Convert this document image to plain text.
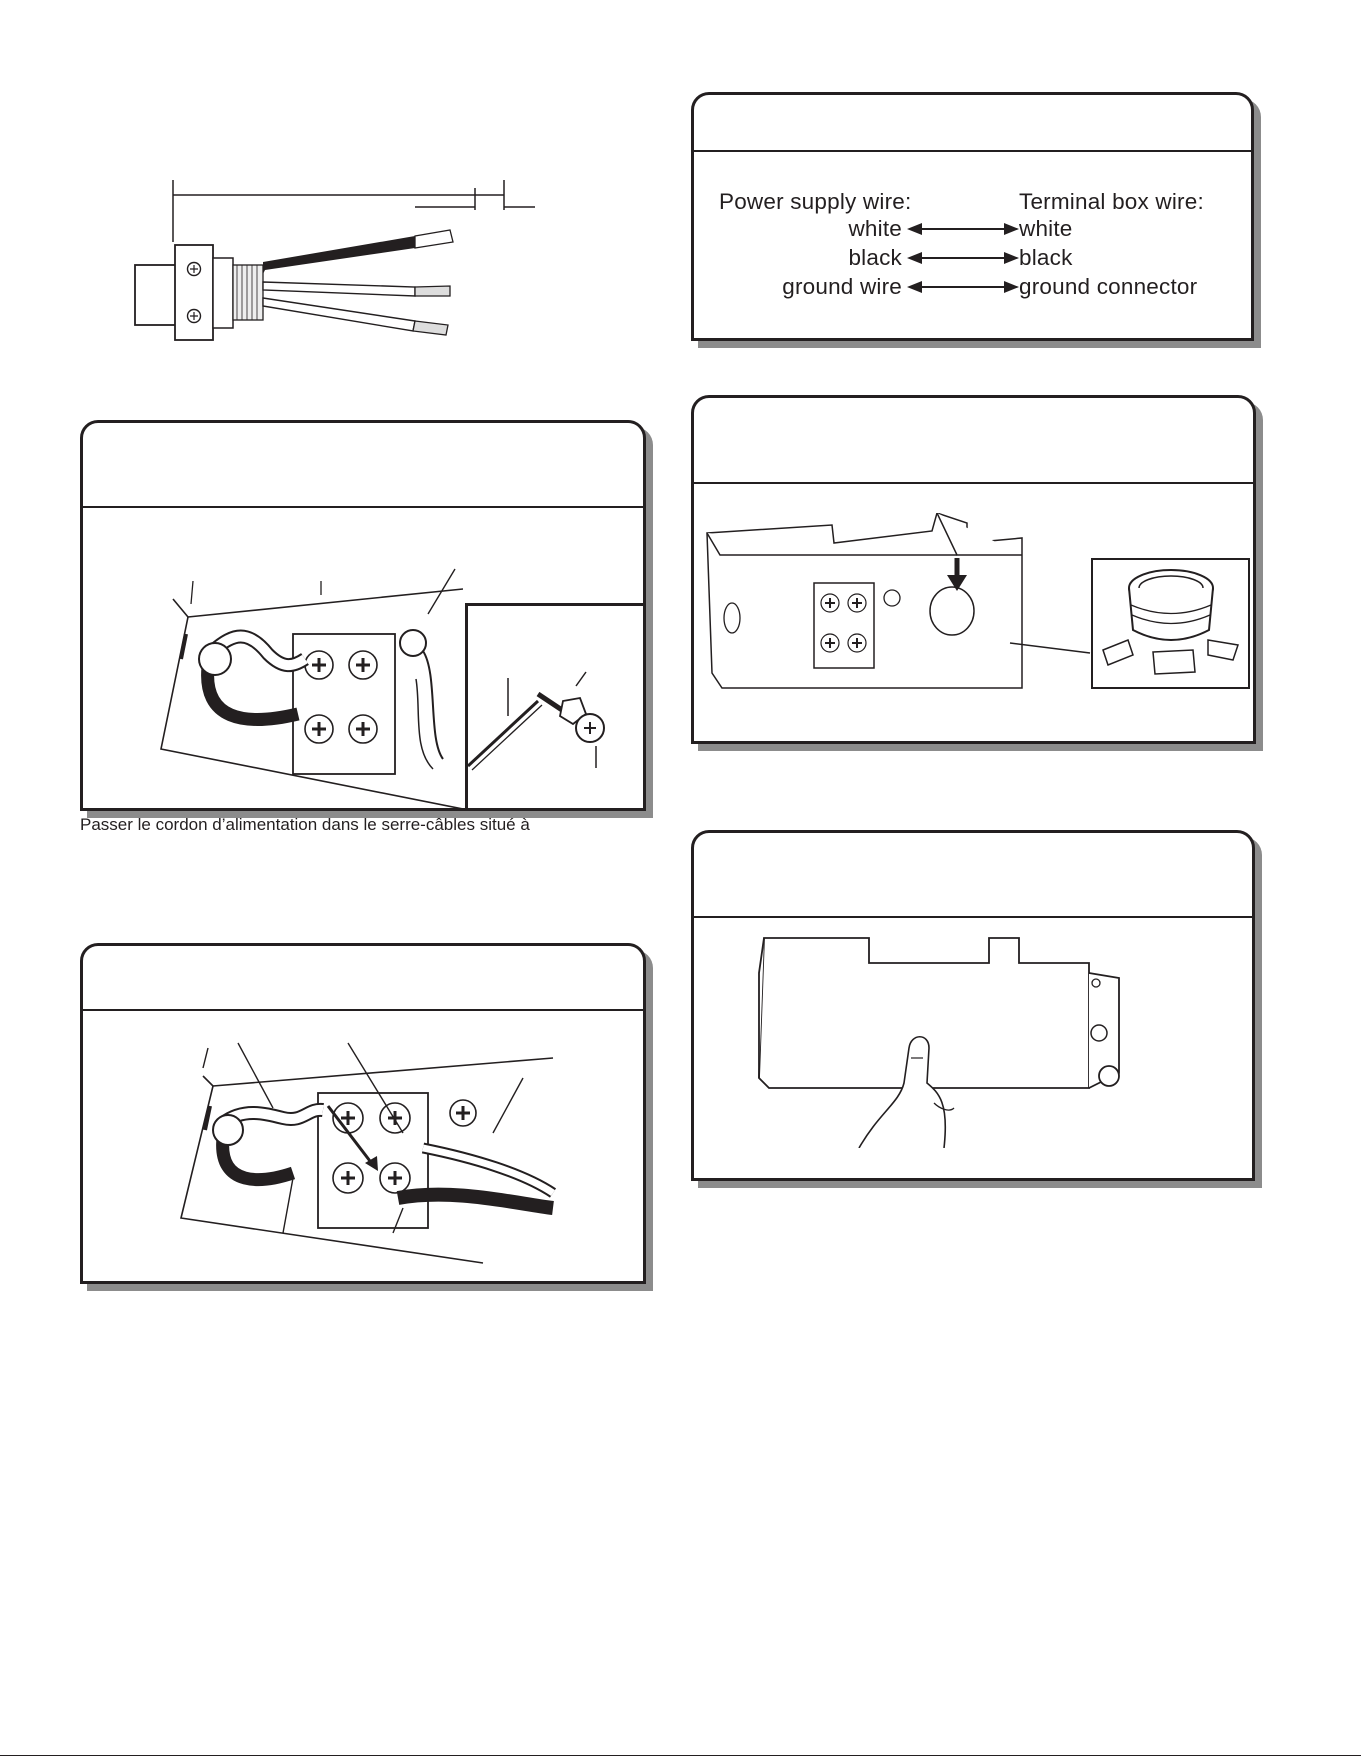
Power supply wire:	Terminal box wire:
white	white
black	black
ground wire	ground connector
Passer le cordon d’alimentation dans le serre-câbles situé à
